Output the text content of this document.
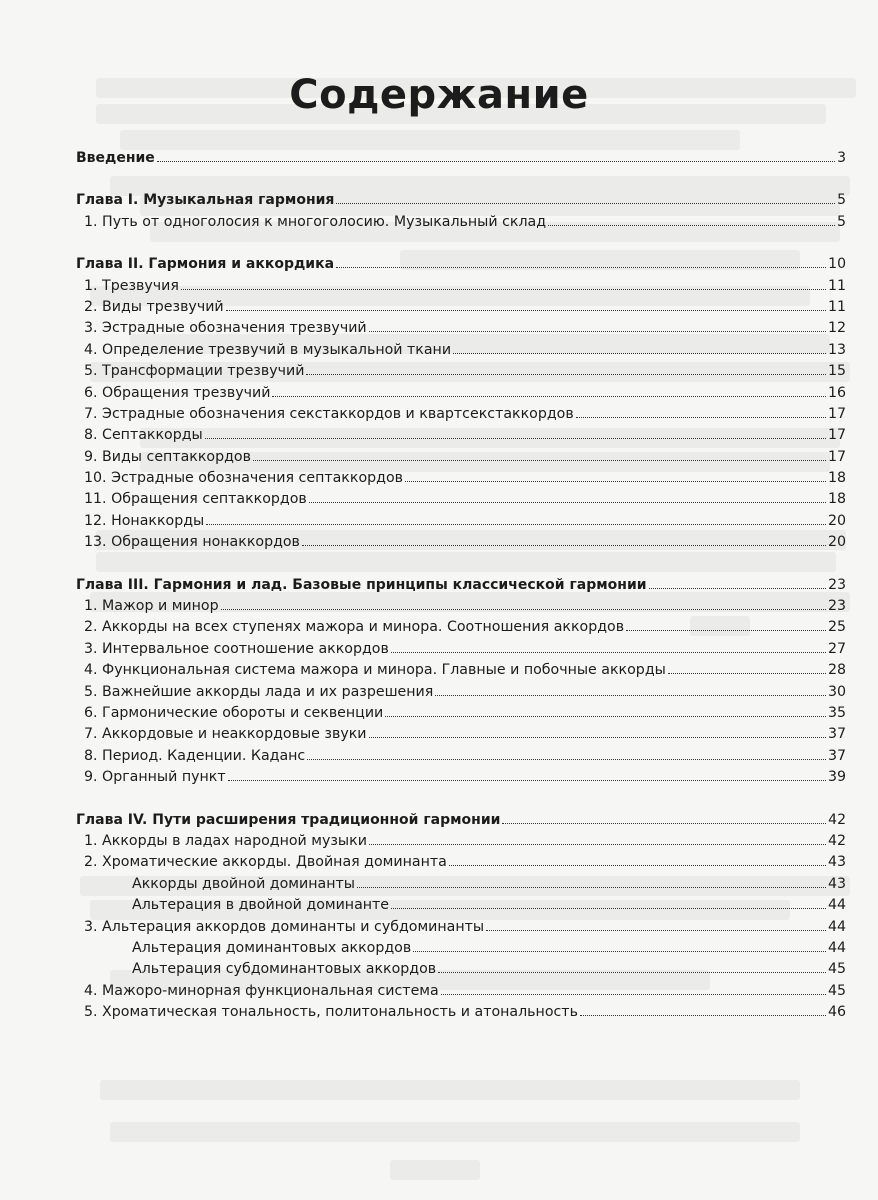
Содержание
Введение	3
Глава I. Музыкальная гармония	5
1. Путь от одноголосия к многоголосию. Музыкальный склад	5
Глава II. Гармония и аккордика	10
1. Трезвучия	11
2. Виды трезвучий	11
3. Эстрадные обозначения трезвучий	12
4. Определение трезвучий в музыкальной ткани	13
5. Трансформации трезвучий	15
6. Обращения трезвучий	16
7. Эстрадные обозначения секстаккордов и квартсекстаккордов	17
8. Септаккорды	17
9. Виды септаккордов	17
10. Эстрадные обозначения септаккордов	18
11. Обращения септаккордов	18
12. Нонаккорды	20
13. Обращения нонаккордов	20
Глава III. Гармония и лад. Базовые принципы классической гармонии	23
1. Мажор и минор	23
2. Аккорды на всех ступенях мажора и минора. Соотношения аккордов	25
3. Интервальное соотношение аккордов	27
4. Функциональная система мажора и минора. Главные и побочные аккорды	28
5. Важнейшие аккорды лада и их разрешения	30
6. Гармонические обороты и секвенции	35
7. Аккордовые и неаккордовые звуки	37
8. Период. Каденции. Каданс	37
9. Органный пункт	39
Глава IV. Пути расширения традиционной гармонии	42
1. Аккорды в ладах народной музыки	42
2. Хроматические аккорды. Двойная доминанта	43
Аккорды двойной доминанты	43
Альтерация в двойной доминанте	44
3. Альтерация аккордов доминанты и субдоминанты	44
Альтерация доминантовых аккордов	44
Альтерация субдоминантовых аккордов	45
4. Мажоро-минорная функциональная система	45
5. Хроматическая тональность, политональность и атональность	46
